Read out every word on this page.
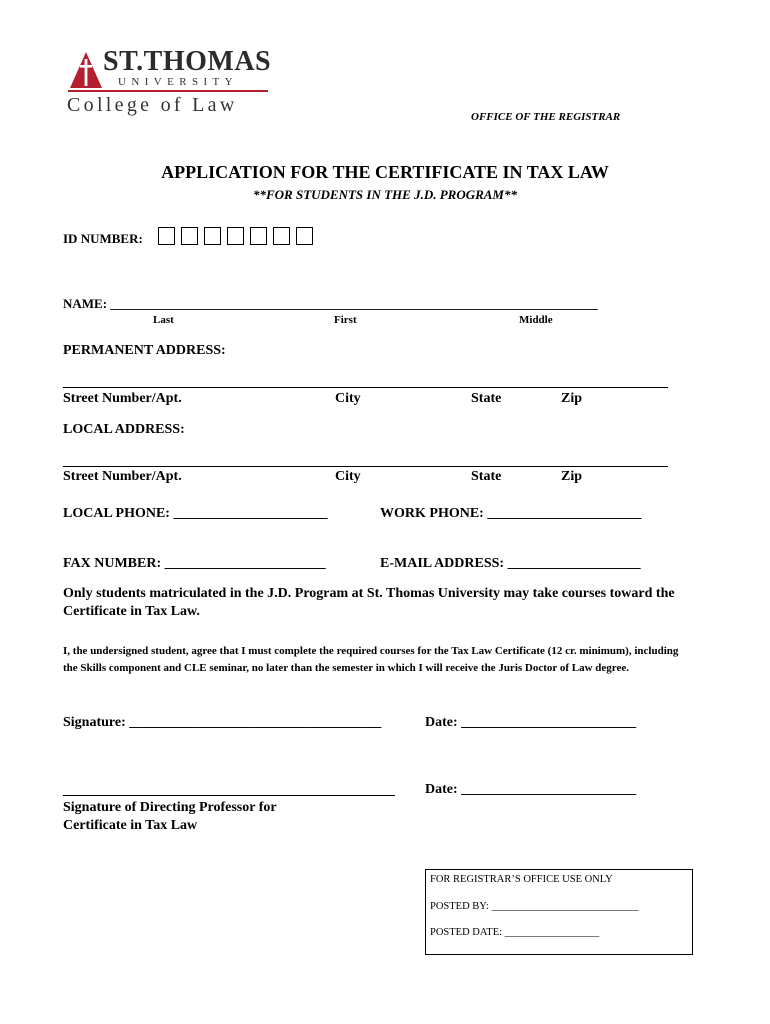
ST.THOMAS
UNIVERSITY
College of Law
OFFICE OF THE REGISTRAR
APPLICATION FOR THE CERTIFICATE IN TAX LAW
**FOR STUDENTS IN THE J.D. PROGRAM**
ID NUMBER:
NAME: ___________________________________________________________________________
Last	First	Middle
PERMANENT ADDRESS:
Street Number/Apt.	City	State	Zip
LOCAL ADDRESS:
Street Number/Apt.	City	State	Zip
LOCAL PHONE: ______________________	WORK PHONE: ______________________
FAX NUMBER: _______________________	E-MAIL ADDRESS: ___________________
Only students matriculated in the J.D. Program at St. Thomas University may take courses toward the Certificate in Tax Law.
I, the undersigned student, agree that I must complete the required courses for the Tax Law Certificate (12 cr. minimum), including the Skills component and CLE seminar, no later than the semester in which I will receive the Juris Doctor of Law degree.
Signature: ____________________________________	Date: _________________________
Date: _________________________
Signature of Directing Professor for
Certificate in Tax Law
FOR REGISTRAR’S OFFICE USE ONLY
POSTED BY: ____________________________
POSTED DATE: __________________
